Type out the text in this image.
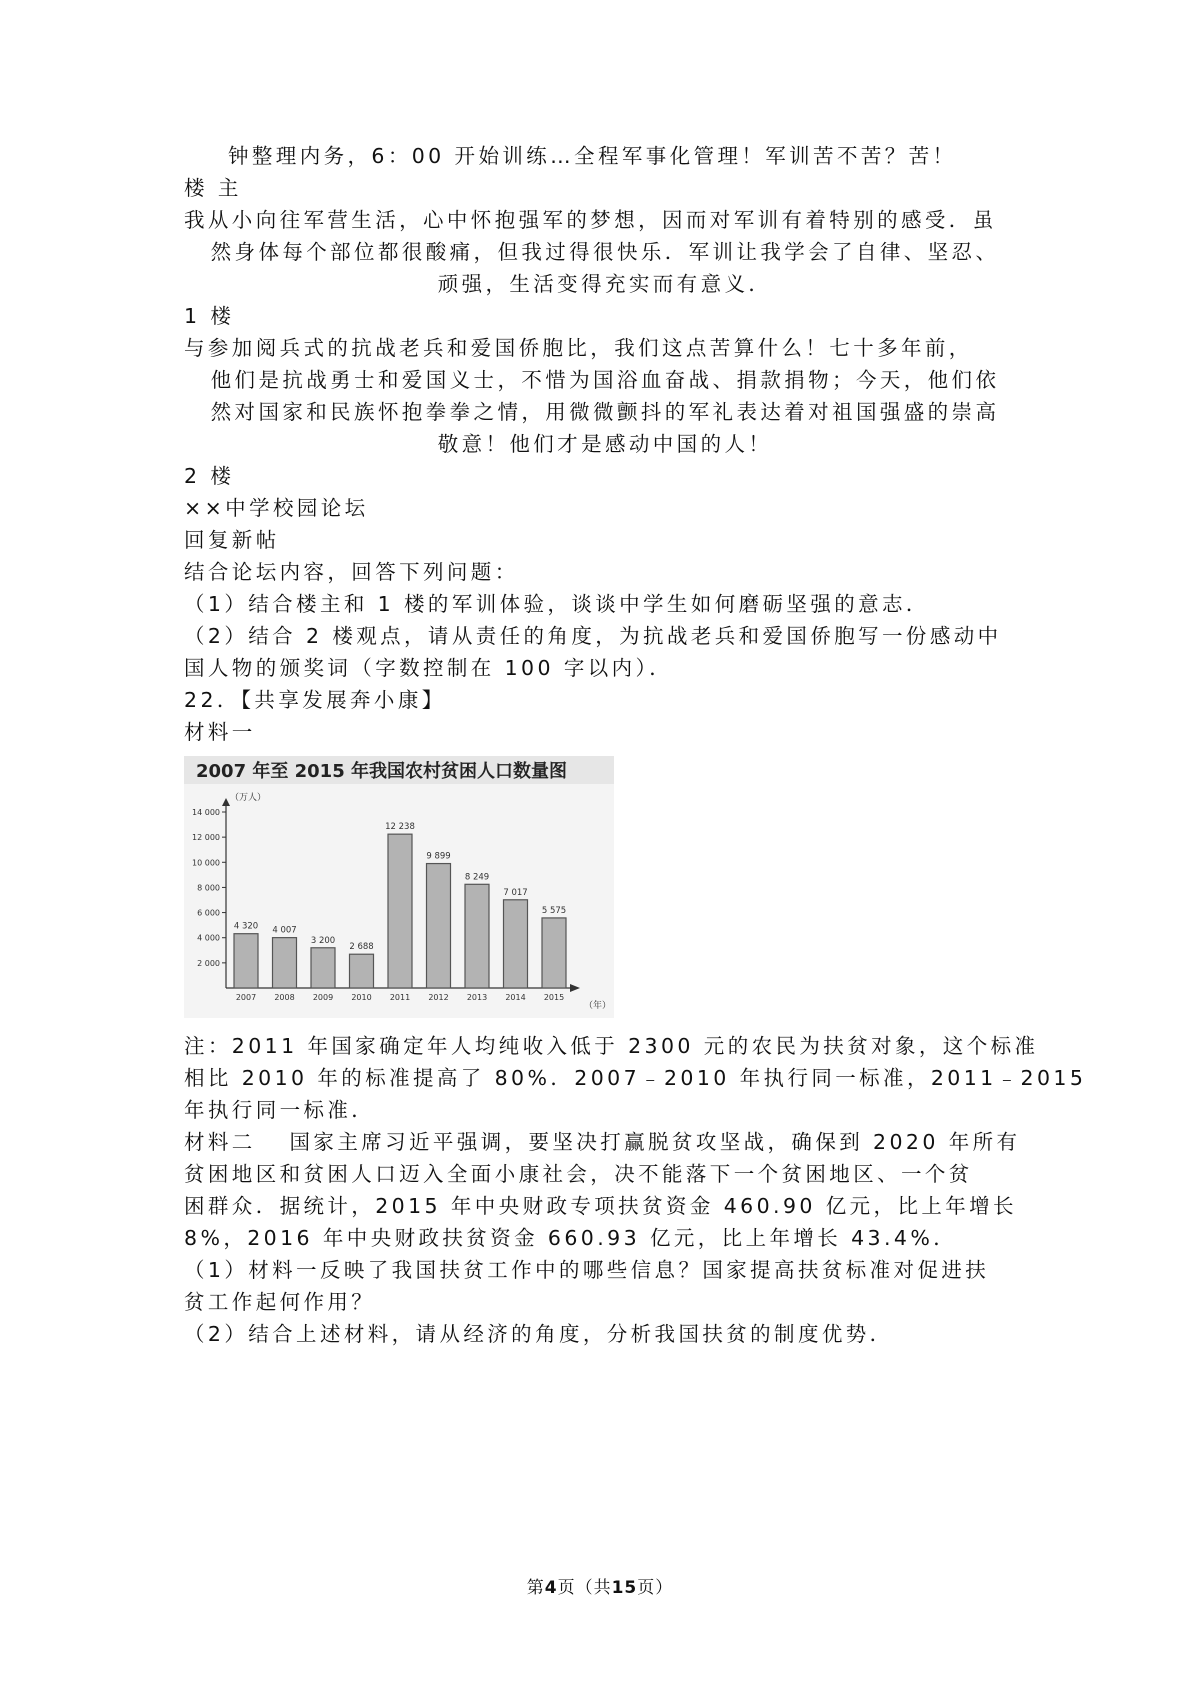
钟整理内务，6：00 开始训练…全程军事化管理！军训苦不苦？苦！

楼 主

我从小向往军营生活，心中怀抱强军的梦想，因而对军训有着特别的感受．虽

然身体每个部位都很酸痛，但我过得很快乐．军训让我学会了自律、坚忍、

顽强，生活变得充实而有意义．

1 楼

与参加阅兵式的抗战老兵和爱国侨胞比，我们这点苦算什么！七十多年前，

他们是抗战勇士和爱国义士，不惜为国浴血奋战、捐款捐物；今天，他们依

然对国家和民族怀抱拳拳之情，用微微颤抖的军礼表达着对祖国强盛的崇高

敬意！他们才是感动中国的人！

2 楼

××中学校园论坛

回复新帖

结合论坛内容，回答下列问题：

（1）结合楼主和 1 楼的军训体验，谈谈中学生如何磨砺坚强的意志．

（2）结合 2 楼观点，请从责任的角度，为抗战老兵和爱国侨胞写一份感动中

国人物的颁奖词（字数控制在 100 字以内）．

22．【共享发展奔小康】

材料一

2007 年至 2015 年我国农村贫困人口数量图
（万人）
（年）
2 000
4 000
6 000
8 000
10 000
12 000
14 000
4 320
2007
4 007
2008
3 200
2009
2 688
2010
12 238
2011
9 899
2012
8 249
2013
7 017
2014
5 575
2015

注：2011 年国家确定年人均纯收入低于 2300 元的农民为扶贫对象，这个标准

相比 2010 年的标准提高了 80%．2007﹣2010 年执行同一标准，2011﹣2015

年执行同一标准．

材料二　 国家主席习近平强调，要坚决打赢脱贫攻坚战，确保到 2020 年所有

贫困地区和贫困人口迈入全面小康社会，决不能落下一个贫困地区、一个贫

困群众．据统计，2015 年中央财政专项扶贫资金 460.90 亿元，比上年增长

8%，2016 年中央财政扶贫资金 660.93 亿元，比上年增长 43.4%．

（1）材料一反映了我国扶贫工作中的哪些信息？国家提高扶贫标准对促进扶

贫工作起何作用？

（2）结合上述材料，请从经济的角度，分析我国扶贫的制度优势．

第4页（共15页）
